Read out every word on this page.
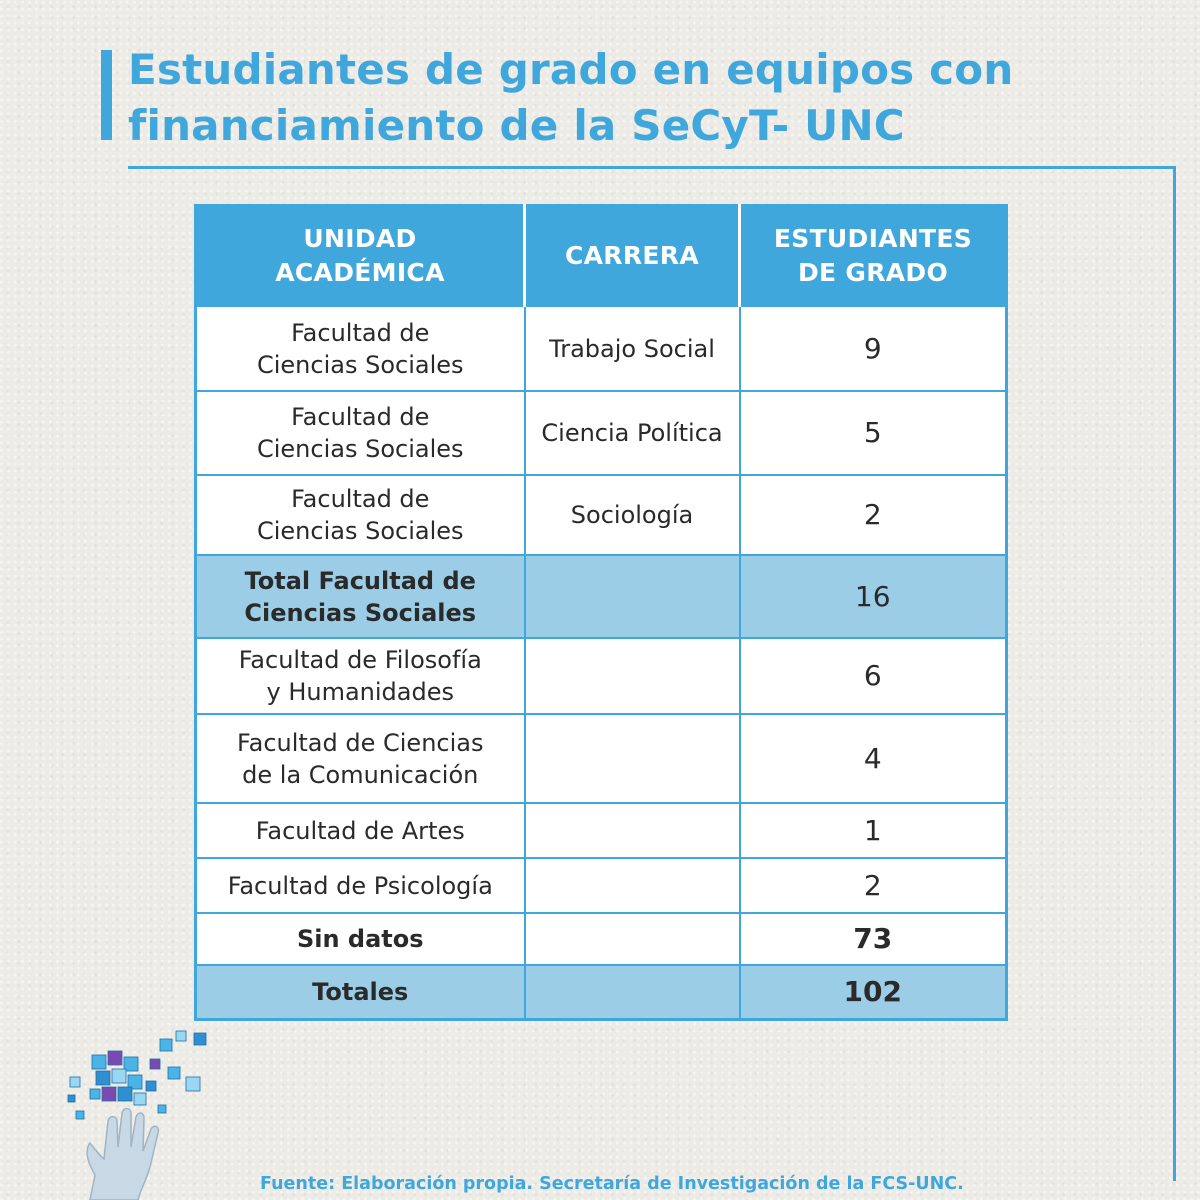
Estudiantes de grado en equipos con
financiamiento de la SeCyT- UNC
UNIDAD
ACADÉMICA	CARRERA	ESTUDIANTES
DE GRADO
Facultad de
Ciencias Sociales	Trabajo Social	9
Facultad de
Ciencias Sociales	Ciencia Política	5
Facultad de
Ciencias Sociales	Sociología	2
Total Facultad de
Ciencias Sociales		16
Facultad de Filosofía
y Humanidades		6
Facultad de Ciencias
de la Comunicación		4
Facultad de Artes		1
Facultad de Psicología		2
Sin datos		73
Totales		102

Fuente: Elaboración propia. Secretaría de Investigación de la FCS-UNC.
